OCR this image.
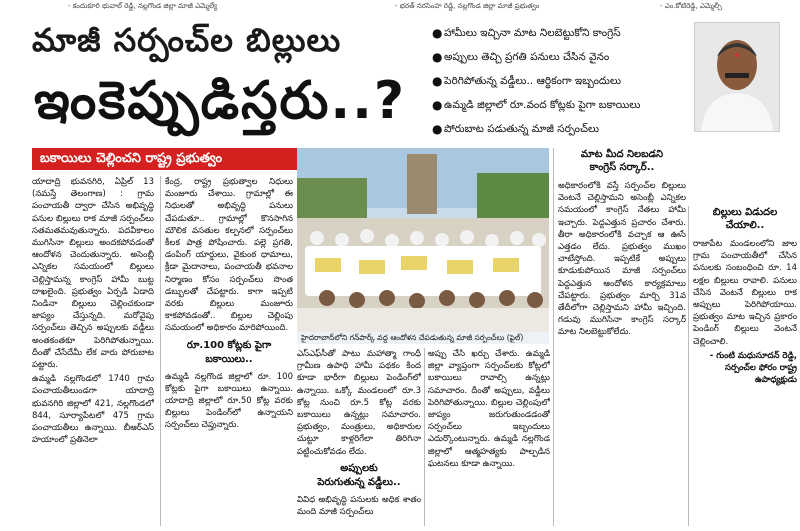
- కందుకూరి భువాల్ రెడ్డి, నల్లగొండ జిల్లా మాజీ ఎమ్మెల్యే	- భరత్ నరసింహ రెడ్డి, నల్లగొండ జిల్లా మాజీ ప్రభుత్వం	- ఎం.కోటిరెడ్డి, ఎమ్మెల్సీ
మాజీ సర్పంచ్‌ల బిల్లులు
ఇంకెప్పుడిస్తరు..?
● హామీలు ఇచ్చినా మాట నిలబెట్టుకోని కాంగ్రెస్
● అప్పులు తెచ్చి ప్రగతి పనులు చేసిన వైనం
● పెరిగిపోతున్న వడ్డీలు.. ఆర్థికంగా ఇబ్బందులు
● ఉమ్మడి జిల్లాలో రూ.వంద కోట్లకు పైగా బకాయిలు
● పోరుబాట పడుతున్న మాజీ సర్పంచ్‌లు
బకాయిలు చెల్లించని రాష్ట్ర ప్రభుత్వం

యాదాద్రి భువనగిరి, ఏప్రిల్ 13 (నమస్తే తెలంగాణ) : గ్రామ పంచాయతీ ద్వారా చేసిన అభివృద్ధి పనుల బిల్లులు రాక మాజీ సర్పంచ్‌లు సతమతమవుతున్నారు. పదవీకాలం ముగిసినా బిల్లులు అందకపోవడంతో ఆందోళన చెందుతున్నారు. అసెంబ్లీ ఎన్నికల సమయంలో బిల్లులు చెల్లిస్తామన్న కాంగ్రెస్ హామీ బుట్ట దాఖలైంది. ప్రభుత్వం ఏర్పడి ఏడాది నిండినా బిల్లులు చెల్లించకుండా జాప్యం చేస్తున్నది. మరోవైపు సర్పంచ్‌లు తెచ్చిన అప్పులకు వడ్డీలు అంతకంతకూ పెరిగిపోతున్నాయి. దీంతో చేసేదేమీ లేక వారు పోరుబాట పట్టారు.

ఉమ్మడి నల్లగొండలో 1740 గ్రామ పంచాయతీలుండగా యాదాద్రి భువనగిరి జిల్లాలో 421, నల్లగొండలో 844, సూర్యాపేటలో 475 గ్రామ పంచాయతీలు ఉన్నాయి. బీఆర్ఎస్ హయాంలో ప్రతినెలా

కేంద్ర, రాష్ట్ర ప్రభుత్వాల నిధులు మంజూరు చేశాయి. గ్రామాల్లో ఈ నిధులతో అభివృద్ధి పనులు చేపడుతూ.. గ్రామాల్లో కొనసాగిన మౌలిక వసతుల కల్పనలో సర్పంచ్‌లు కీలక పాత్ర పోషించారు. పల్లె ప్రగతి, డంపింగ్ యార్డులు, వైకుంఠ ధామాలు, క్రీడా మైదానాలు, పంచాయతీ భవనాల నిర్మాణం కోసం సర్పంచ్‌లు సొంత డబ్బులతో చేపట్టారు. కాగా ఇప్పటి వరకు బిల్లులు మంజూరు కాకపోవడంతో.. బిల్లుల చెల్లింపు సమయంలో అధికారం మారిపోయింది.

రూ.100 కోట్లకు పైగా
బకాయిలు..

ఉమ్మడి నల్లగొండ జిల్లాలో రూ. 100 కోట్లకు పైగా బకాయిలు ఉన్నాయి. యాదాద్రి జిల్లాలో రూ.50 కోట్ల వరకు బిల్లులు పెండింగ్‌లో ఉన్నాయని సర్పంచ్‌లు చెప్తున్నారు.

హైదరాబాద్‌లోని గన్‌పార్క్ వద్ద ఆందోళన చేపడుతున్న మాజీ సర్పంచ్‌లు (ఫైల్)

ఎస్‌ఎఫ్‌సీతో పాటు మహాత్మా గాంధీ గ్రామీణ ఉపాధి హామీ పథకం కింద కూడా భారీగా బిల్లులు పెండింగ్‌లో ఉన్నాయి. ఒక్కో మండలంలో రూ.3 కోట్ల నుంచి రూ.5 కోట్ల వరకు బకాయిలు ఉన్నట్లు సమాచారం. ప్రభుత్వం, మంత్రులు, అధికారుల చుట్టూ కాళ్లరిగేలా తిరిగినా పట్టించుకోవడం లేదు.

అప్పులకు
పెరుగుతున్న వడ్డీలు..

వివిధ అభివృద్ధి పనులకు అధిక శాతం మంది మాజీ సర్పంచ్‌లు

అప్పు చేసి ఖర్చు చేశారు. ఉమ్మడి జిల్లా వ్యాప్తంగా సర్పంచ్‌లకు కోట్లలో బకాయిలు రావాల్సి ఉన్నట్లు సమాచారం. దీంతో అప్పులు, వడ్డీలు పెరిగిపోతున్నాయి. బిల్లుల చెల్లింపులో జాప్యం జరుగుతుండడంతో సర్పంచ్‌లు ఇబ్బందులు ఎదుర్కొంటున్నారు. ఉమ్మడి నల్లగొండ జిల్లాలో ఆత్మహత్యకు పాల్పడిన ఘటనలు కూడా ఉన్నాయి.

మాట మీద నిలబడని
కాంగ్రెస్ సర్కార్..

అధికారంలోకి వస్తే సర్పంచ్‌ల బిల్లులు వెంటనే చెల్లిస్తామని అసెంబ్లీ ఎన్నికల సమయంలో కాంగ్రెస్ నేతలు హామీ ఇచ్చారు. పెద్దఎత్తున ప్రచారం చేశారు. తీరా అధికారంలోకి వచ్చాక ఆ ఊసే ఎత్తడం లేదు. ప్రభుత్వం ముఖం చాటేస్తోంది. ఇప్పటికే అప్పులు కూడుకుపోయిన మాజీ సర్పంచ్‌లు పెద్దఎత్తున ఆందోళన కార్యక్రమాలు చేపట్టారు. ప్రభుత్వం మార్చి 31వ తేదీలోగా చెల్లిస్తామని హామీ ఇచ్చింది. గడువు ముగిసినా కాంగ్రెస్ సర్కార్ మాట నిలబెట్టుకోలేదు.

బిల్లులు విడుదల
చేయాలి..

రాజాపేట మండలంలోని జాల గ్రామ పంచాయతీలో చేసిన పనులకు సంబంధించి రూ. 14 లక్షల బిల్లులు రావాలి. పనులు చేసిన వెంటనే బిల్లులు రాక అప్పులు పెరిగిపోయాయి. ప్రభుత్వం మాట ఇచ్చిన ప్రకారం పెండింగ్ బిల్లులు వెంటనే చెల్లించాలి.

- గుంటి మధుసూదన్ రెడ్డి, సర్పంచ్‌ల ఫోరం రాష్ట్ర ఉపాధ్యక్షుడు
